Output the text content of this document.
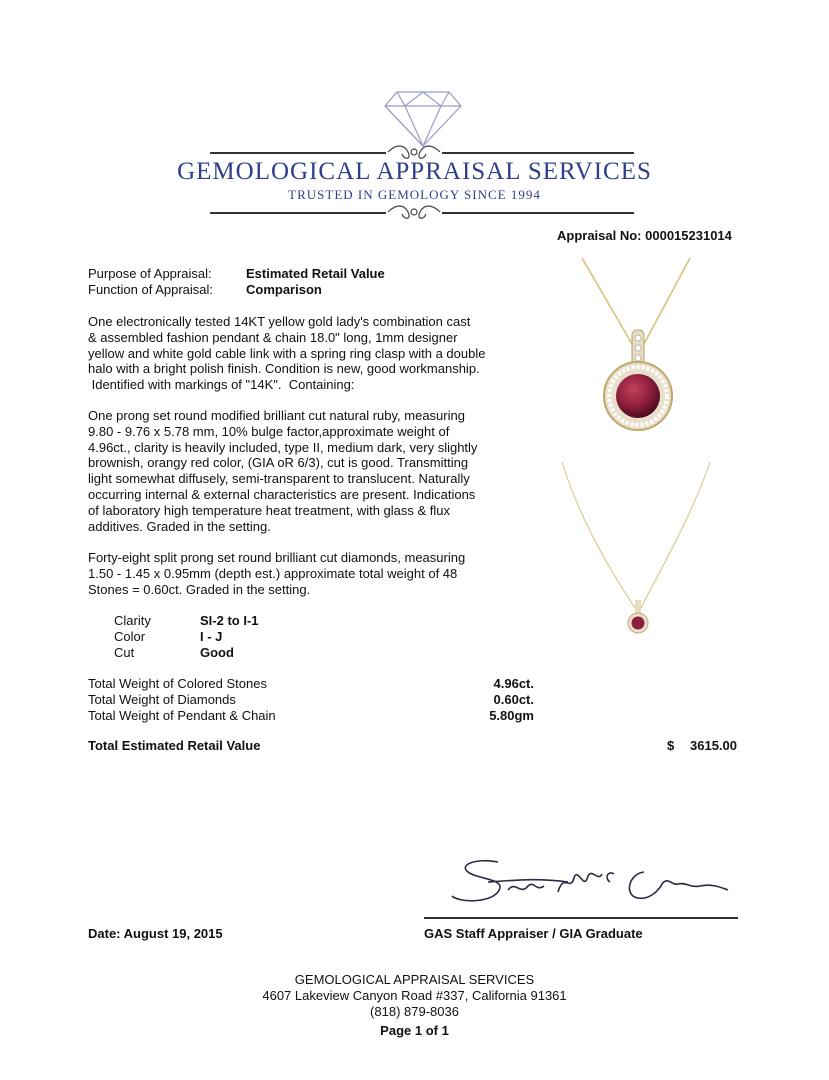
GEMOLOGICAL APPRAISAL SERVICES
TRUSTED IN GEMOLOGY SINCE 1994
Appraisal No: 000015231014
Purpose of Appraisal:	Estimated Retail Value
Function of Appraisal:	Comparison
One electronically tested 14KT yellow gold lady's combination cast
& assembled fashion pendant & chain 18.0" long, 1mm designer
yellow and white gold cable link with a spring ring clasp with a double
halo with a bright polish finish. Condition is new, good workmanship.
Identified with markings of "14K".  Containing:
One prong set round modified brilliant cut natural ruby, measuring
9.80 - 9.76 x 5.78 mm, 10% bulge factor,approximate weight of
4.96ct., clarity is heavily included, type II, medium dark, very slightly
brownish, orangy red color, (GIA oR 6/3), cut is good. Transmitting
light somewhat diffusely, semi-transparent to translucent. Naturally
occurring internal & external characteristics are present. Indications
of laboratory high temperature heat treatment, with glass & flux
additives. Graded in the setting.
Forty-eight split prong set round brilliant cut diamonds, measuring
1.50 - 1.45 x 0.95mm (depth est.) approximate total weight of 48
Stones = 0.60ct. Graded in the setting.
Clarity	SI-2 to I-1
Color	I - J
Cut	Good
Total Weight of Colored Stones	4.96ct.
Total Weight of Diamonds	0.60ct.
Total Weight of Pendant & Chain	5.80gm
Total Estimated Retail Value	$ 3615.00
Date: August 19, 2015	GAS Staff Appraiser / GIA Graduate
GEMOLOGICAL APPRAISAL SERVICES
4607 Lakeview Canyon Road #337, California 91361
(818) 879-8036
Page 1 of 1
